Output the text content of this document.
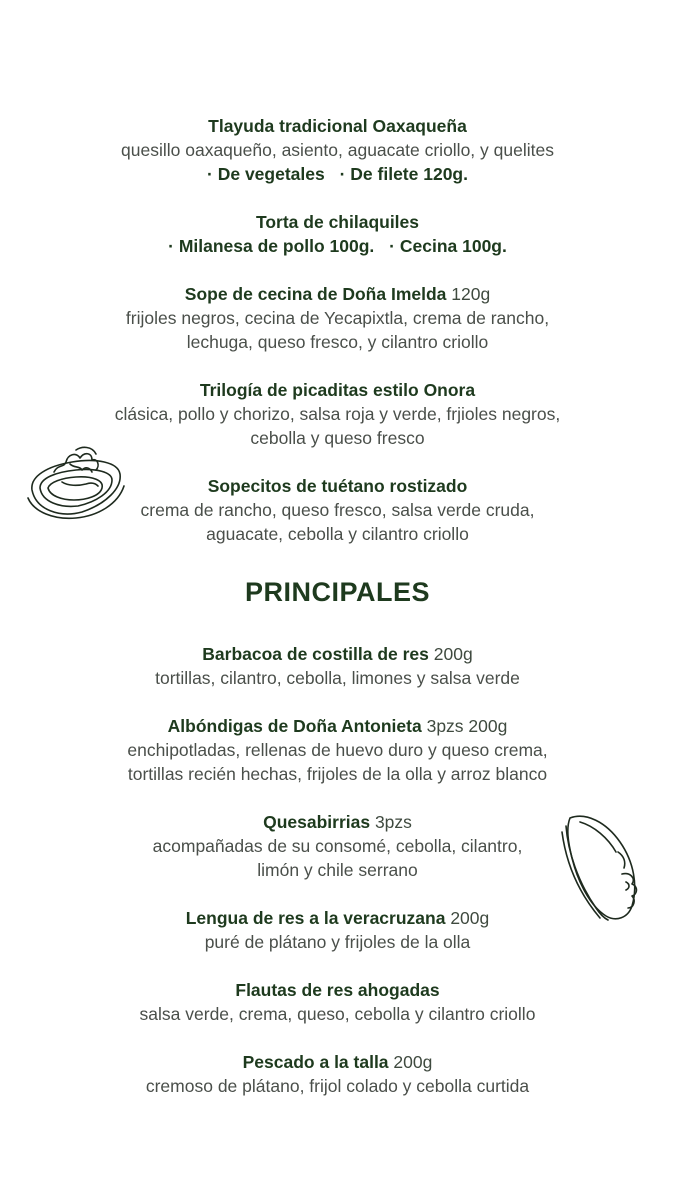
Tlayuda tradicional Oaxaqueña
quesillo oaxaqueño, asiento, aguacate criollo, y quelites
· De vegetales · De filete 120g.
Torta de chilaquiles
· Milanesa de pollo 100g. · Cecina 100g.
Sope de cecina de Doña Imelda 120g
frijoles negros, cecina de Yecapixtla, crema de rancho,
lechuga, queso fresco, y cilantro criollo
Trilogía de picaditas estilo Onora
clásica, pollo y chorizo, salsa roja y verde, frjioles negros,
cebolla y queso fresco
Sopecitos de tuétano rostizado
crema de rancho, queso fresco, salsa verde cruda,
aguacate, cebolla y cilantro criollo
PRINCIPALES
Barbacoa de costilla de res 200g
tortillas, cilantro, cebolla, limones y salsa verde
Albóndigas de Doña Antonieta 3pzs 200g
enchipotladas, rellenas de huevo duro y queso crema,
tortillas recién hechas, frijoles de la olla y arroz blanco
Quesabirrias 3pzs
acompañadas de su consomé, cebolla, cilantro,
limón y chile serrano
Lengua de res a la veracruzana 200g
puré de plátano y frijoles de la olla
Flautas de res ahogadas
salsa verde, crema, queso, cebolla y cilantro criollo
Pescado a la talla 200g
cremoso de plátano, frijol colado y cebolla curtida
